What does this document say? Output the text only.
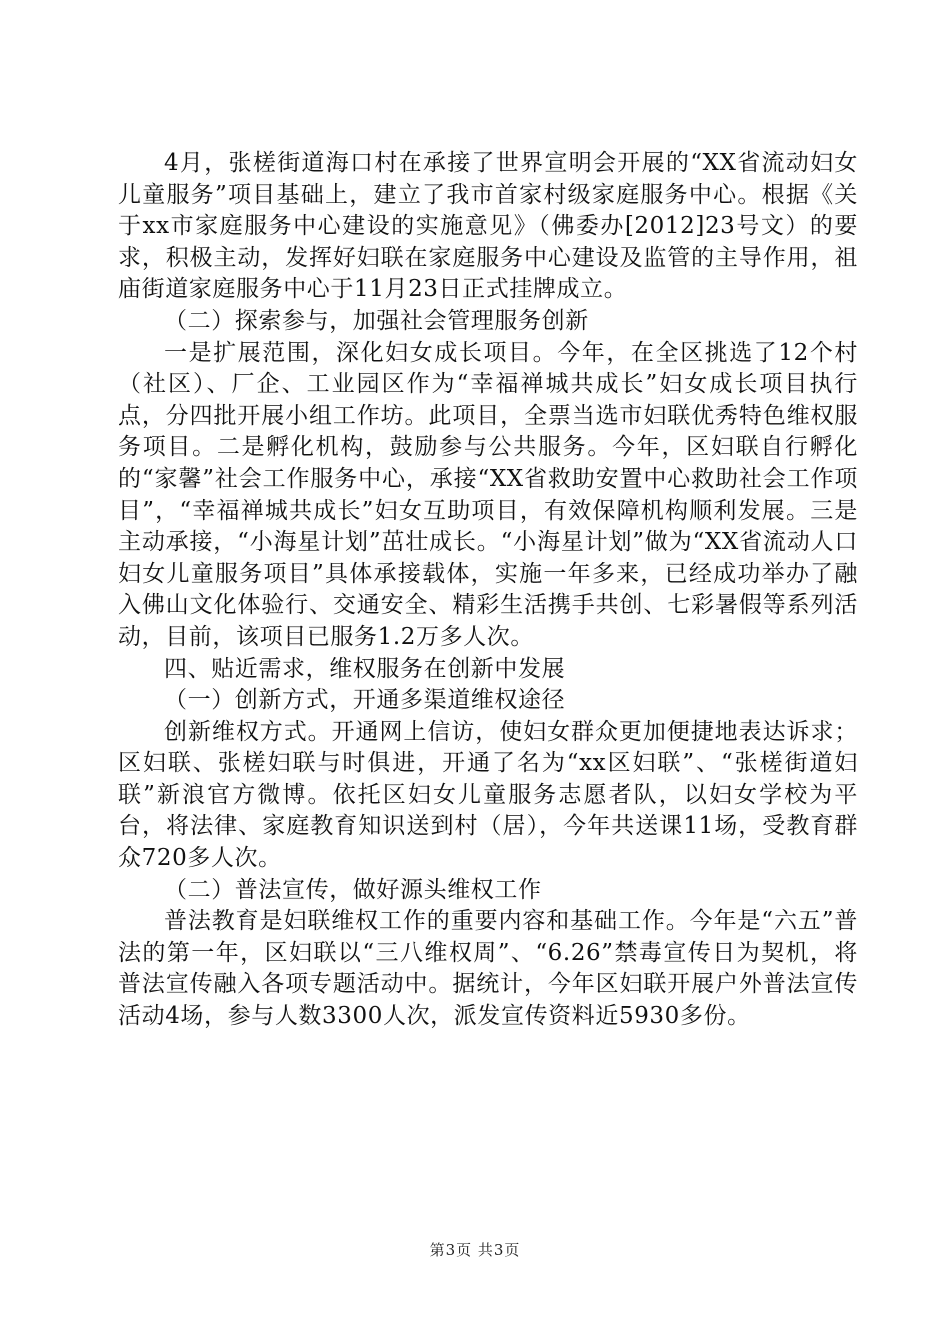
4月，张槎街道海口村在承接了世界宣明会开展的“XX省流动妇女儿童服务”项目基础上，建立了我市首家村级家庭服务中心。根据《关于xx市家庭服务中心建设的实施意见》（佛委办[2012]23号文）的要求，积极主动，发挥好妇联在家庭服务中心建设及监管的主导作用，祖庙街道家庭服务中心于11月23日正式挂牌成立。

（二）探索参与，加强社会管理服务创新

一是扩展范围，深化妇女成长项目。今年，在全区挑选了12个村（社区）、厂企、工业园区作为“幸福禅城共成长”妇女成长项目执行点，分四批开展小组工作坊。此项目，全票当选市妇联优秀特色维权服务项目。二是孵化机构，鼓励参与公共服务。今年，区妇联自行孵化的“家馨”社会工作服务中心，承接“XX省救助安置中心救助社会工作项目”，“幸福禅城共成长”妇女互助项目，有效保障机构顺利发展。三是主动承接，“小海星计划”茁壮成长。“小海星计划”做为“XX省流动人口妇女儿童服务项目”具体承接载体，实施一年多来，已经成功举办了融入佛山文化体验行、交通安全、精彩生活携手共创、七彩暑假等系列活动，目前，该项目已服务1.2万多人次。

四、贴近需求，维权服务在创新中发展

（一）创新方式，开通多渠道维权途径

创新维权方式。开通网上信访，使妇女群众更加便捷地表达诉求；区妇联、张槎妇联与时俱进，开通了名为“xx区妇联”、“张槎街道妇联”新浪官方微博。依托区妇女儿童服务志愿者队，以妇女学校为平台，将法律、家庭教育知识送到村（居），今年共送课11场，受教育群众720多人次。

（二）普法宣传，做好源头维权工作

普法教育是妇联维权工作的重要内容和基础工作。今年是“六五”普法的第一年，区妇联以“三八维权周”、“6.26”禁毒宣传日为契机，将普法宣传融入各项专题活动中。据统计，今年区妇联开展户外普法宣传活动4场，参与人数3300人次，派发宣传资料近5930多份。

第3页 共3页
